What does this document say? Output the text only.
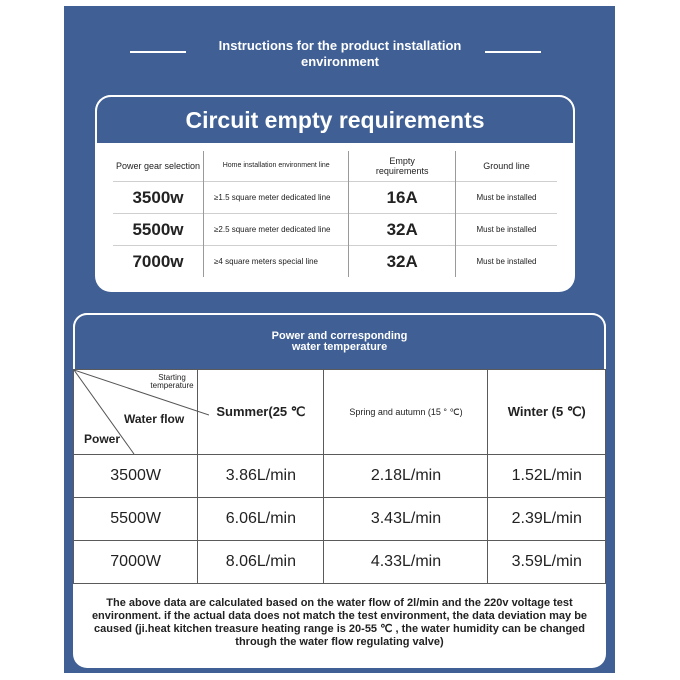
Instructions for the product installation
environment
Circuit empty requirements
Power gear selection	Home installation environment line	Empty requirements	Ground line
3500w	≥1.5 square meter dedicated line	16A	Must be installed
5500w	≥2.5 square meter dedicated line	32A	Must be installed
7000w	≥4 square meters special line	32A	Must be installed
Power and corresponding
water temperature
Starting temperature
Water flow
Power	Summer(25 ℃	Spring and autumn (15 ° ℃)	Winter (5 ℃)
3500W	3.86L/min	2.18L/min	1.52L/min
5500W	6.06L/min	3.43L/min	2.39L/min
7000W	8.06L/min	4.33L/min	3.59L/min
The above data are calculated based on the water flow of 2l/min and the 220v voltage test environment. if the actual data does not match the test environment, the data deviation may be caused (ji.heat kitchen treasure heating range is 20-55 ℃ , the water humidity can be changed through the water flow regulating valve)
